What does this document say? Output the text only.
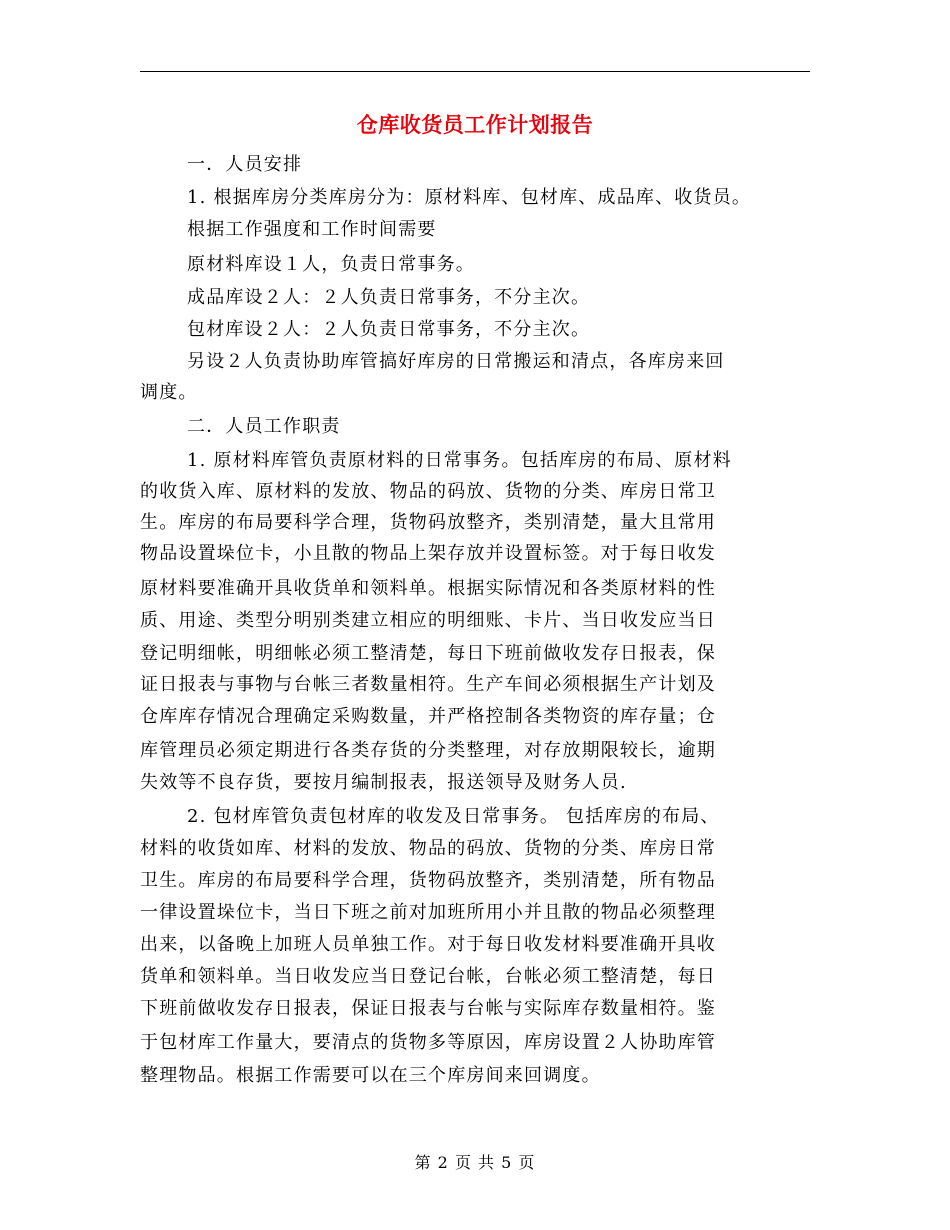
仓库收货员工作计划报告
一．人员安排
1. 根据库房分类库房分为：原材料库、包材库、成品库、收货员。
根据工作强度和工作时间需要
原材料库设１人，负责日常事务。
成品库设２人：２人负责日常事务，不分主次。
包材库设２人：２人负责日常事务，不分主次。
另设２人负责协助库管搞好库房的日常搬运和清点，各库房来回
调度。
二．人员工作职责
1. 原材料库管负责原材料的日常事务。包括库房的布局、原材料
的收货入库、原材料的发放、物品的码放、货物的分类、库房日常卫
生。库房的布局要科学合理，货物码放整齐，类别清楚，量大且常用
物品设置垛位卡，小且散的物品上架存放并设置标签。对于每日收发
原材料要准确开具收货单和领料单。根据实际情况和各类原材料的性
质、用途、类型分明别类建立相应的明细账、卡片、当日收发应当日
登记明细帐，明细帐必须工整清楚，每日下班前做收发存日报表，保
证日报表与事物与台帐三者数量相符。生产车间必须根据生产计划及
仓库库存情况合理确定采购数量，并严格控制各类物资的库存量；仓
库管理员必须定期进行各类存货的分类整理，对存放期限较长，逾期
失效等不良存货，要按月编制报表，报送领导及财务人员.
2. 包材库管负责包材库的收发及日常事务。 包括库房的布局、
材料的收货如库、材料的发放、物品的码放、货物的分类、库房日常
卫生。库房的布局要科学合理，货物码放整齐，类别清楚，所有物品
一律设置垛位卡，当日下班之前对加班所用小并且散的物品必须整理
出来，以备晚上加班人员单独工作。对于每日收发材料要准确开具收
货单和领料单。当日收发应当日登记台帐，台帐必须工整清楚，每日
下班前做收发存日报表，保证日报表与台帐与实际库存数量相符。鉴
于包材库工作量大，要清点的货物多等原因，库房设置２人协助库管
整理物品。根据工作需要可以在三个库房间来回调度。
第 2 页 共 5 页
